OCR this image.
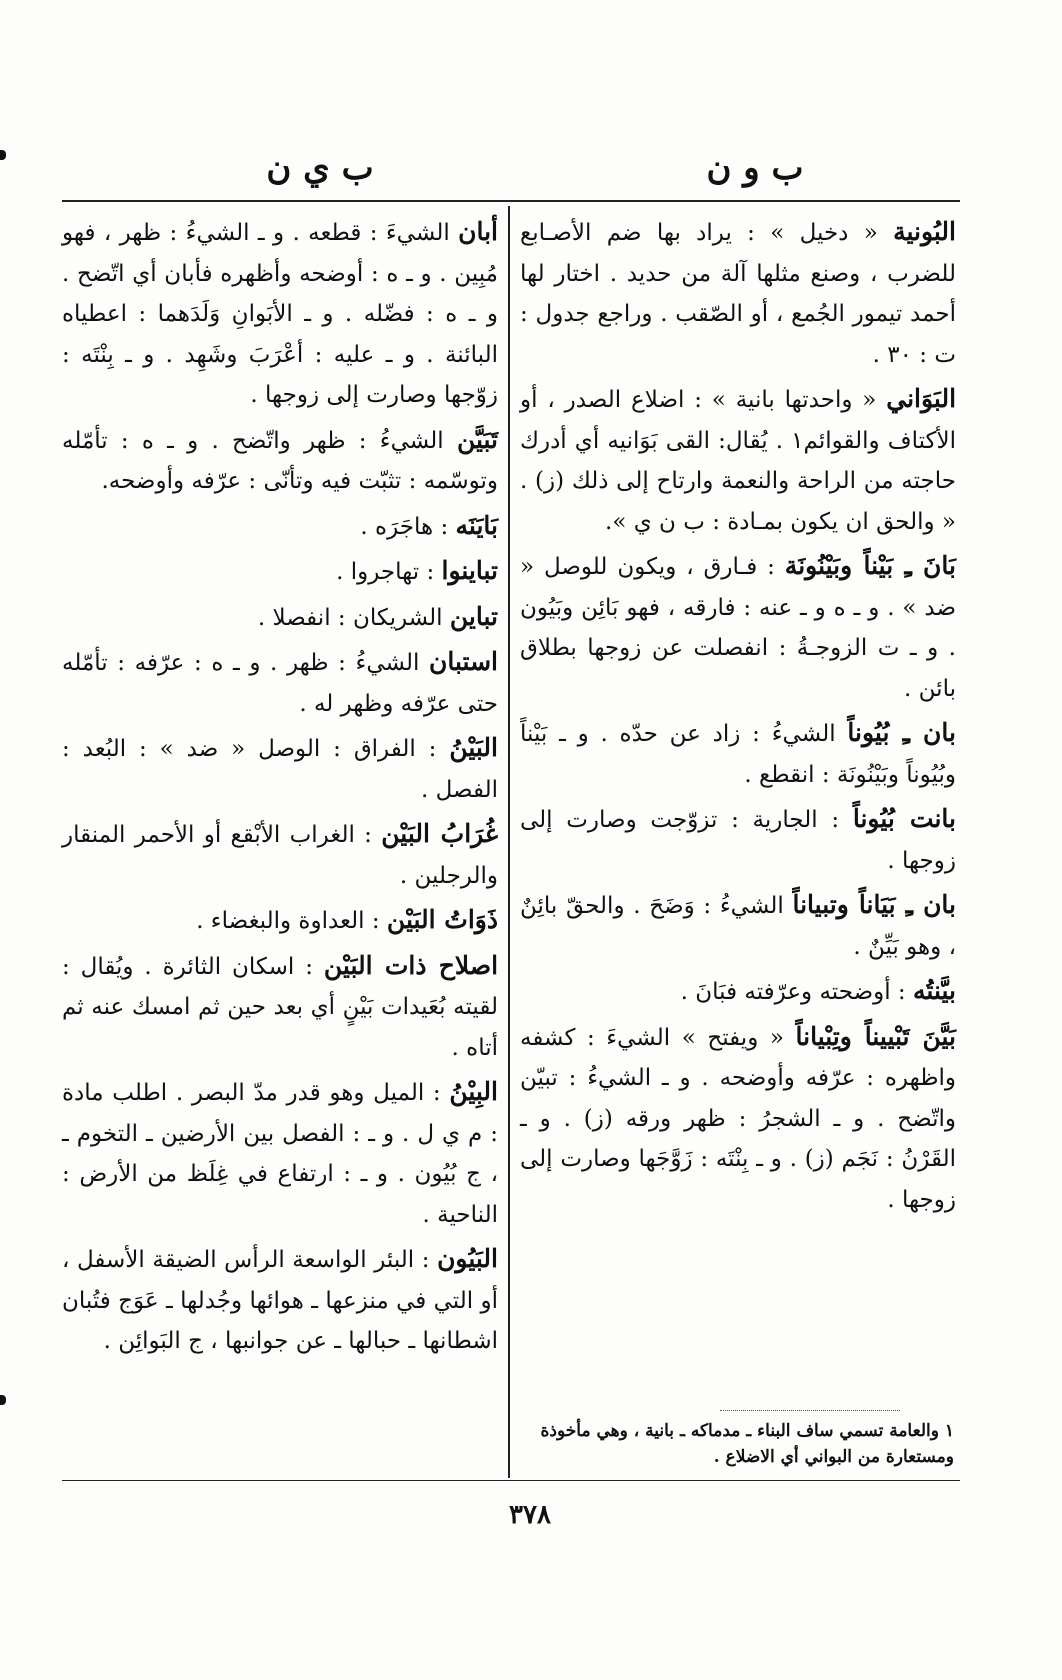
ب و ن
ب ي ن

البُونية « دخيل » : يراد بها ضم الأصـابع للضرب ، وصنع مثلها آلة من حديد . اختار لها أحمد تيمور الجُمع ، أو الصّقب . وراجع جدول : ت : ٣٠ .

البَوَاني « واحدتها بانية » : اضلاع الصدر ، أو الأكتاف والقوائم١ . يُقال: القى بَوَانيه أي أدرك حاجته من الراحة والنعمة وارتاح إلى ذلك (ز) . « والحق ان يكون بمـادة : ب ن ي ».

بَانَ ـِ بَيْناً وبَيْنُونَة : فـارق ، ويكون للوصل « ضد » . و ـ ه و ـ عنه : فارقه ، فهو بَائِن وبَيُون . و ـ ت الزوجـةُ : انفصلت عن زوجها بطلاق بائن .

بان ـِ بُيُوناً الشيءُ : زاد عن حدّه . و ـ بَيْناً وبُيُوناً وبَيْنُونَة : انقطع .

بانت بُيُوناً : الجارية : تزوّجت وصارت إلى زوجها .

بان ـِ بَيَاناً وتبياناً الشيءُ : وَضَحَ . والحقّ بائِنٌ ، وهو بَيِّنٌ .

بيَّنتُه : أوضحته وعرّفته فبَانَ .

بَيَّنَ تَبْييناً وتِبْياناً « ويفتح » الشيءَ : كشفه واظهره : عرّفه وأوضحه . و ـ الشيءُ : تبيّن واتّضح . و ـ الشجرُ : ظهر ورقه (ز) . و ـ القَرْنُ : نَجَم (ز) . و ـ بِنْتَه : زَوَّجَها وصارت إلى زوجها .

أبان الشيءَ : قطعه . و ـ الشيءُ : ظهر ، فهو مُبِين . و ـ ه : أوضحه وأظهره فأبان أي اتّضح . و ـ ه : فضّله . و ـ الأبَوانِ وَلَدَهما : اعطياه البائنة . و ـ عليه : أعْرَبَ وشَهِد . و ـ بِنْتَه : زوّجها وصارت إلى زوجها .

تَبَيَّن الشيءُ : ظهر واتّضح . و ـ ه : تأمّله وتوسّمه : تثبّت فيه وتأنّى : عرّفه وأوضحه.

بَايَنَه : هاجَرَه .

تباينوا : تهاجروا .

تباين الشريكان : انفصلا .

استبان الشيءُ : ظهر . و ـ ه : عرّفه : تأمّله حتى عرّفه وظهر له .

البَيْنُ : الفراق : الوصل « ضد » : البُعد : الفصل .

غُرَابُ البَيْن : الغراب الأبْقع أو الأحمر المنقار والرجلين .

ذَوَاتُ البَيْن : العداوة والبغضاء .

اصلاح ذات البَيْن : اسكان الثائرة . ويُقال : لقيته بُعَيدات بَيْنٍ أي بعد حين ثم امسك عنه ثم أتاه .

البِيْنُ : الميل وهو قدر مدّ البصر . اطلب مادة : م ي ل . و ـ : الفصل بين الأرضين ـ التخوم ـ ، ج بُيُون . و ـ : ارتفاع في غِلَظ من الأرض : الناحية .

البَيُون : البئر الواسعة الرأس الضيقة الأسفل ، أو التي في منزعها ـ هوائها وجُدلها ـ عَوَج فتُبان اشطانها ـ حبالها ـ عن جوانبها ، ج البَوائِن .

١ والعامة تسمي ساف البناء ـ مدماكه ـ بانية ، وهي مأخوذة ومستعارة من البواني أي الاضلاع .
٣٧٨
